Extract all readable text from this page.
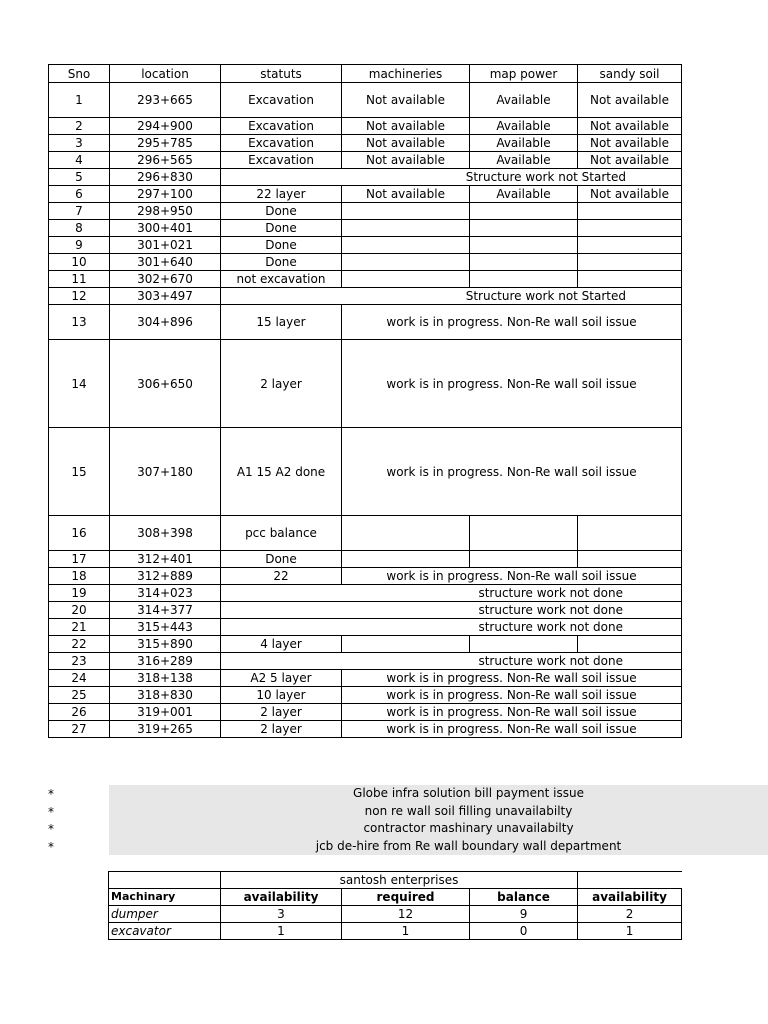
Sno	location	statuts	machineries	map power	sandy soil
1	293+665	Excavation	Not available	Available	Not available
2	294+900	Excavation	Not available	Available	Not available
3	295+785	Excavation	Not available	Available	Not available
4	296+565	Excavation	Not available	Available	Not available
5	296+830	Structure work not Started			
6	297+100	22 layer	Not available	Available	Not available
7	298+950	Done			
8	300+401	Done			
9	301+021	Done			
10	301+640	Done			
11	302+670	not excavation			
12	303+497	Structure work not Started			
13	304+896	15 layer	work is in progress. Non-Re wall soil issue		
14	306+650	2 layer	work is in progress. Non-Re wall soil issue		
15	307+180	A1 15 A2 done	work is in progress. Non-Re wall soil issue		
16	308+398	pcc balance			
17	312+401	Done			
18	312+889	22	work is in progress. Non-Re wall soil issue		
19	314+023	structure work not done			
20	314+377	structure work not done			
21	315+443	structure work not done			
22	315+890	4 layer			
23	316+289	structure work not done			
24	318+138	A2 5 layer	work is in progress. Non-Re wall soil issue		
25	318+830	10 layer	work is in progress. Non-Re wall soil issue		
26	319+001	2 layer	work is in progress. Non-Re wall soil issue		
27	319+265	2 layer	work is in progress. Non-Re wall soil issue		
*	Globe infra solution bill payment issue
*	non re wall soil filling unavailabilty
*	contractor mashinary unavailabilty
*	jcb de-hire from Re wall boundary wall department
	santosh enterprises			
Machinary	availability	required	balance	availability
dumper	3	12	9	2
excavator	1	1	0	1
